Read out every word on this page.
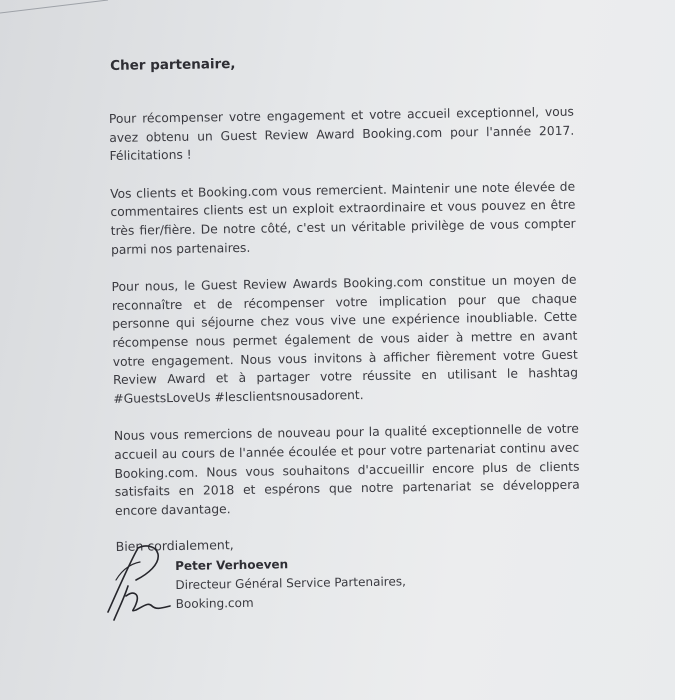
Cher partenaire,

Pour récompenser votre engagement et votre accueil exceptionnel, vous avez obtenu un Guest Review Award Booking.com pour l'année 2017. Félicitations !

Vos clients et Booking.com vous remercient. Maintenir une note élevée de commentaires clients est un exploit extraordinaire et vous pouvez en être très fier/fière. De notre côté, c'est un véritable privilège de vous compter parmi nos partenaires.

Pour nous, le Guest Review Awards Booking.com constitue un moyen de reconnaître et de récompenser votre implication pour que chaque personne qui séjourne chez vous vive une expérience inoubliable. Cette récompense nous permet également de vous aider à mettre en avant votre engagement. Nous vous invitons à afficher fièrement votre Guest Review Award et à partager votre réussite en utilisant le hashtag #GuestsLoveUs #lesclientsnousadorent.

Nous vous remercions de nouveau pour la qualité exceptionnelle de votre accueil au cours de l'année écoulée et pour votre partenariat continu avec Booking.com. Nous vous souhaitons d'accueillir encore plus de clients satisfaits en 2018 et espérons que notre partenariat se développera encore davantage.

Bien cordialement,

Peter Verhoeven
Directeur Général Service Partenaires,
Booking.com
